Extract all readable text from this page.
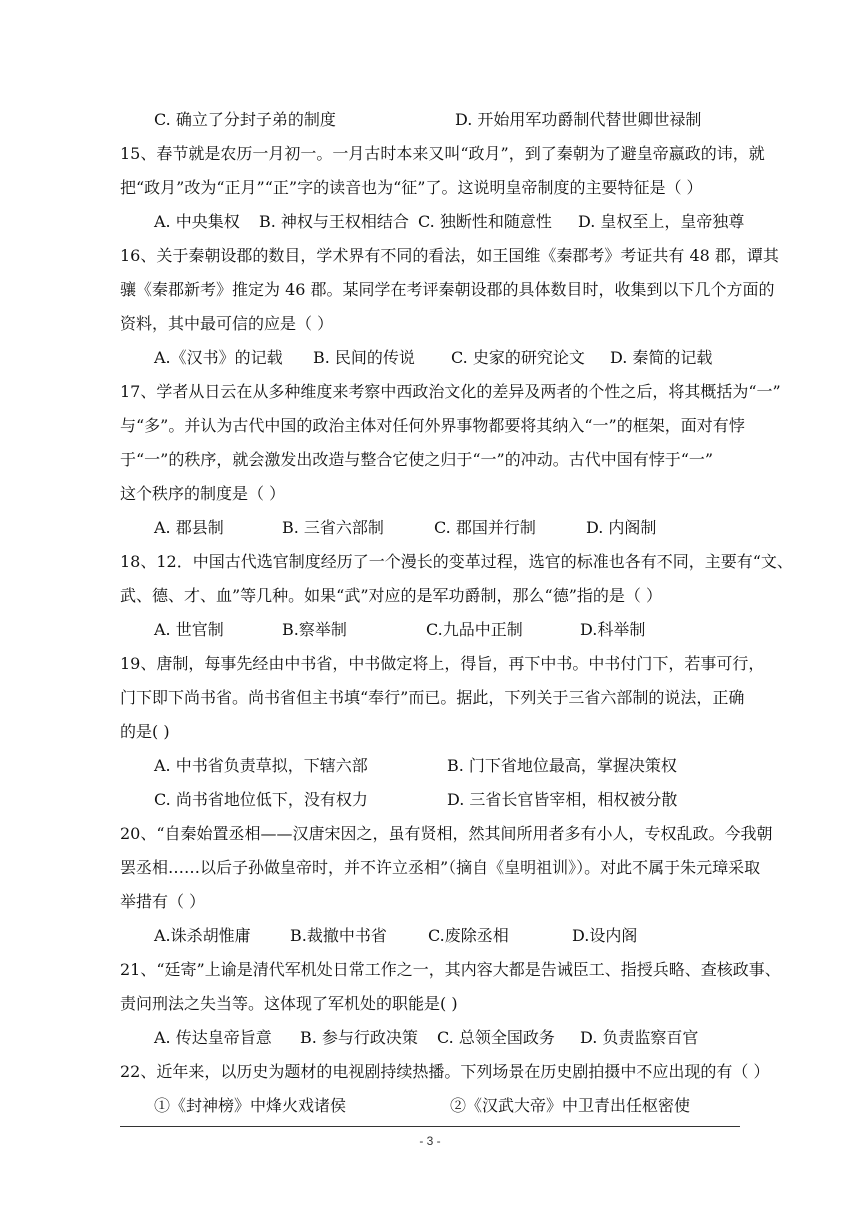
C. 确立了分封子弟的制度	D. 开始用军功爵制代替世卿世禄制
15、春节就是农历一月初一。一月古时本来又叫“政月”，到了秦朝为了避皇帝嬴政的讳，就
把“政月”改为“正月”“正”字的读音也为“征”了。这说明皇帝制度的主要特征是（ ）
A. 中央集权 B. 神权与王权相结合 C. 独断性和随意性 D. 皇权至上，皇帝独尊
16、关于秦朝设郡的数目，学术界有不同的看法，如王国维《秦郡考》考证共有 48 郡，谭其
骧《秦郡新考》推定为 46 郡。某同学在考评秦朝设郡的具体数目时，收集到以下几个方面的
资料，其中最可信的应是（ ）
A.《汉书》的记载 B. 民间的传说 C. 史家的研究论文 D. 秦简的记载
17、学者从日云在从多种维度来考察中西政治文化的差异及两者的个性之后，将其概括为“一”
与“多”。并认为古代中国的政治主体对任何外界事物都要将其纳入“一”的框架，面对有悖
于“一”的秩序，就会激发出改造与整合它使之归于“一”的冲动。古代中国有悖于“一”
这个秩序的制度是（ ）
A. 郡县制	B. 三省六部制	C. 郡国并行制	D. 内阁制
18、12．中国古代选官制度经历了一个漫长的变革过程，选官的标准也各有不同，主要有“文、
武、德、才、血”等几种。如果“武”对应的是军功爵制，那么“德”指的是（ ）
A. 世官制	B.察举制	C.九品中正制	D.科举制
19、唐制，每事先经由中书省，中书做定将上，得旨，再下中书。中书付门下，若事可行，
门下即下尚书省。尚书省但主书填“奉行”而已。据此，下列关于三省六部制的说法，正确
的是( )
A. 中书省负责草拟，下辖六部	B. 门下省地位最高，掌握决策权
C. 尚书省地位低下，没有权力	D. 三省长官皆宰相，相权被分散
20、“自秦始置丞相——汉唐宋因之，虽有贤相，然其间所用者多有小人，专权乱政。今我朝
罢丞相……以后子孙做皇帝时，并不许立丞相”（摘自《皇明祖训》）。对此不属于朱元璋采取
举措有（ ）
A.诛杀胡惟庸 B.裁撤中书省	C.废除丞相	D.设内阁
21、“廷寄”上谕是清代军机处日常工作之一，其内容大都是告诫臣工、指授兵略、查核政事、
责问刑法之失当等。这体现了军机处的职能是( )
A. 传达皇帝旨意 B. 参与行政决策 C. 总领全国政务 D. 负责监察百官
22、近年来，以历史为题材的电视剧持续热播。下列场景在历史剧拍摄中不应出现的有（ ）
①《封神榜》中烽火戏诸侯	②《汉武大帝》中卫青出任枢密使
- 3 -
